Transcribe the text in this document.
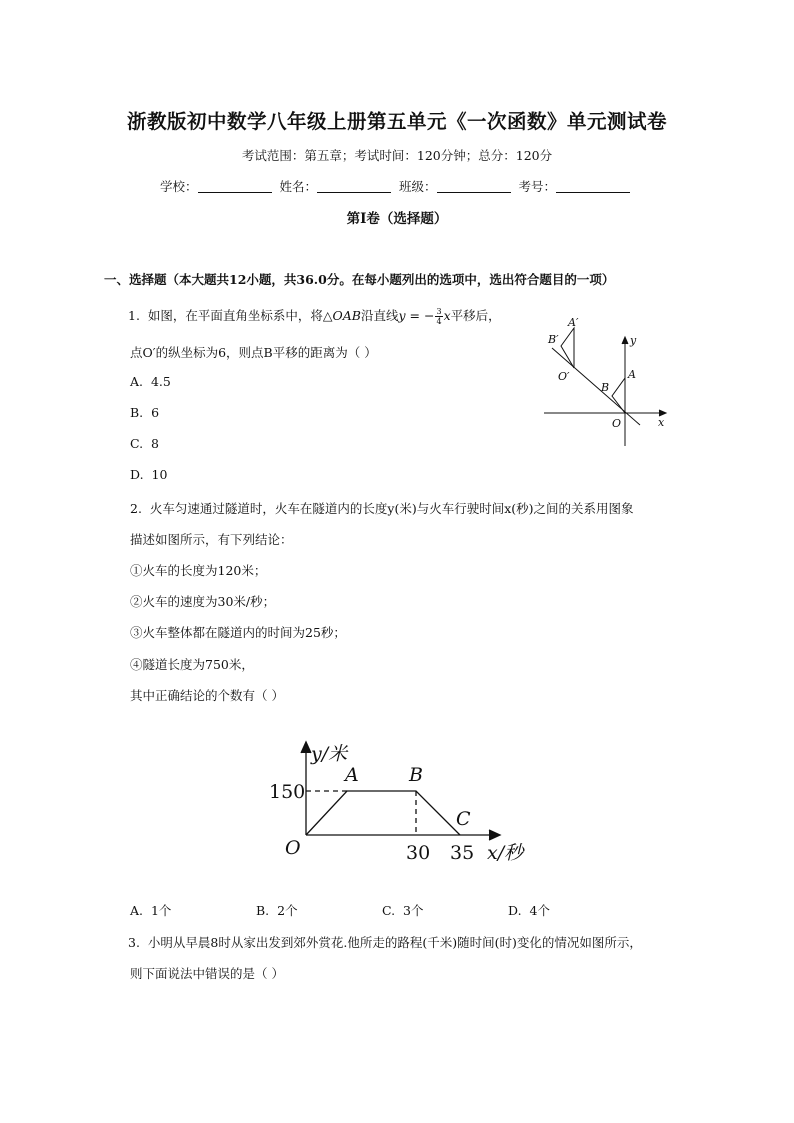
浙教版初中数学八年级上册第五单元《一次函数》单元测试卷
考试范围：第五章；考试时间：120分钟；总分：120分
学校：	姓名：	班级：	考号：
第I卷（选择题）
一、选择题（本大题共12小题，共36.0分。在每小题列出的选项中，选出符合题目的一项）
1. 如图，在平面直角坐标系中，将△OAB沿直线y = − $\frac{3}{4}$ x平移后，
点O′的纵坐标为6，则点B平移的距离为（ ）
A. 4.5
B. 6
C. 8
D. 10
A′
B′
O′
B
A
O	x
y
2. 火车匀速通过隧道时，火车在隧道内的长度y(米)与火车行驶时间x(秒)之间的关系用图象
描述如图所示，有下列结论：
①火车的长度为120米；
②火车的速度为30米/秒；
③火车整体都在隧道内的时间为25秒；
④隧道长度为750米，
其中正确结论的个数有（ ）
y/米
150
A	B
C
O	30 35 x/秒
A. 1个	B. 2个	C. 3个	D. 4个
3. 小明从早晨8时从家出发到郊外赏花.他所走的路程(千米)随时间(时)变化的情况如图所示，
则下面说法中错误的是（ ）
